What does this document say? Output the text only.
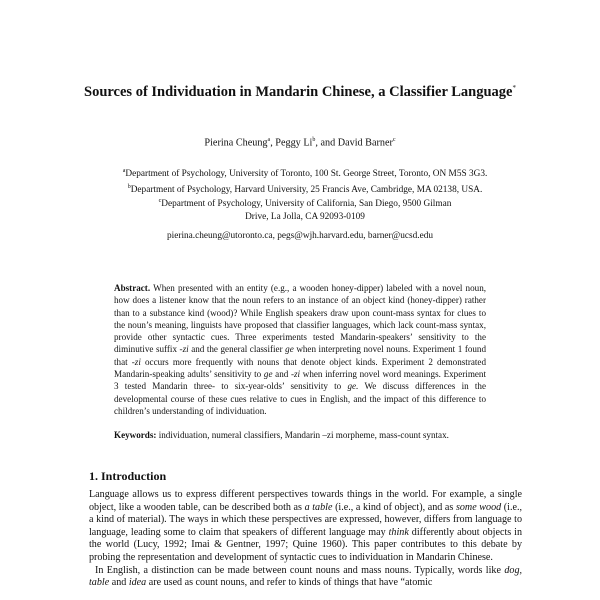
Sources of Individuation in Mandarin Chinese, a Classifier Language*
Pierina Cheung$^a$, Peggy Li$^b$, and David Barner$^c$
$^a$Department of Psychology, University of Toronto, 100 St. George Street, Toronto, ON M5S 3G3.
$^b$Department of Psychology, Harvard University, 25 Francis Ave, Cambridge, MA 02138, USA.
$^c$Department of Psychology, University of California, San Diego, 9500 Gilman Drive, La Jolla, CA 92093-0109
pierina.cheung@utoronto.ca, pegs@wjh.harvard.edu, barner@ucsd.edu
Abstract. When presented with an entity (e.g., a wooden honey-dipper) labeled with a novel noun, how does a listener know that the noun refers to an instance of an object kind (honey-dipper) rather than to a substance kind (wood)? While English speakers draw upon count-mass syntax for clues to the noun’s meaning, linguists have proposed that classifier languages, which lack count-mass syntax, provide other syntactic cues. Three experiments tested Mandarin-speakers’ sensitivity to the diminutive suffix -zi and the general classifier ge when interpreting novel nouns. Experiment 1 found that -zi occurs more frequently with nouns that denote object kinds. Experiment 2 demonstrated Mandarin-speaking adults’ sensitivity to ge and -zi when inferring novel word meanings. Experiment 3 tested Mandarin three- to six-year-olds’ sensitivity to ge. We discuss differences in the developmental course of these cues relative to cues in English, and the impact of this difference to children’s understanding of individuation.
Keywords: individuation, numeral classifiers, Mandarin –zi morpheme, mass-count syntax.
1. Introduction

Language allows us to express different perspectives towards things in the world. For example, a single object, like a wooden table, can be described both as a table (i.e., a kind of object), and as some wood (i.e., a kind of material). The ways in which these perspectives are expressed, however, differs from language to language, leading some to claim that speakers of different language may think differently about objects in the world (Lucy, 1992; Imai & Gentner, 1997; Quine 1960). This paper contributes to this debate by probing the representation and development of syntactic cues to individuation in Mandarin Chinese.

In English, a distinction can be made between count nouns and mass nouns. Typically, words like dog, table and idea are used as count nouns, and refer to kinds of things that have “atomic
